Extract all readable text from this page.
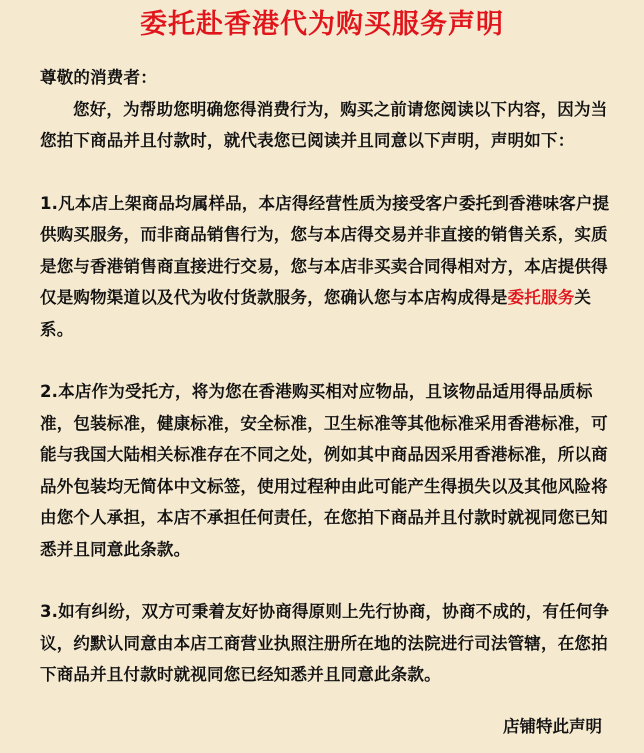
委托赴香港代为购买服务声明

尊敬的消费者：

您好，为帮助您明确您得消费行为，购买之前请您阅读以下内容，因为当您拍下商品并且付款时，就代表您已阅读并且同意以下声明，声明如下：

1.凡本店上架商品均属样品，本店得经营性质为接受客户委托到香港味客户提供购买服务，而非商品销售行为，您与本店得交易并非直接的销售关系，实质是您与香港销售商直接进行交易，您与本店非买卖合同得相对方，本店提供得仅是购物渠道以及代为收付货款服务，您确认您与本店构成得是委托服务关系。

2.本店作为受托方，将为您在香港购买相对应物品，且该物品适用得品质标准，包装标准，健康标准，安全标准，卫生标准等其他标准采用香港标准，可能与我国大陆相关标准存在不同之处，例如其中商品因采用香港标准，所以商品外包装均无简体中文标签，使用过程种由此可能产生得损失以及其他风险将由您个人承担，本店不承担任何责任，在您拍下商品并且付款时就视同您已知悉并且同意此条款。

3.如有纠纷，双方可秉着友好协商得原则上先行协商，协商不成的，有任何争议，约默认同意由本店工商营业执照注册所在地的法院进行司法管辖，在您拍下商品并且付款时就视同您已经知悉并且同意此条款。

店铺特此声明
